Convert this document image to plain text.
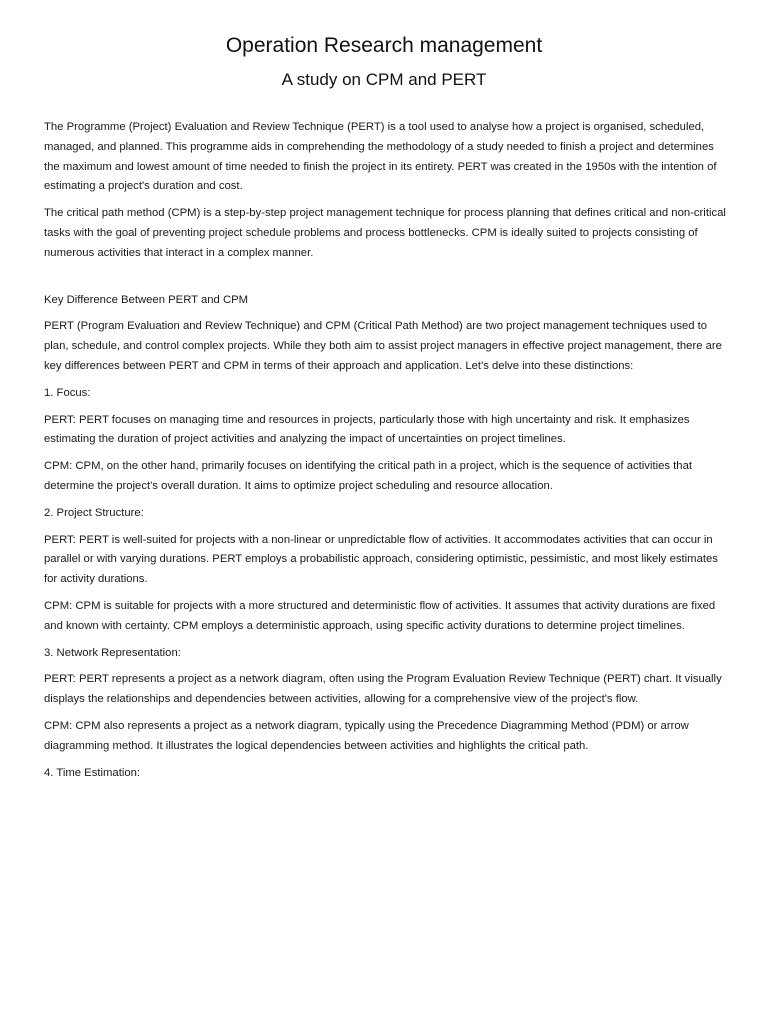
Operation Research management
A study on CPM and PERT

The Programme (Project) Evaluation and Review Technique (PERT) is a tool used to analyse how a project is organised, scheduled, managed, and planned. This programme aids in comprehending the methodology of a study needed to finish a project and determines the maximum and lowest amount of time needed to finish the project in its entirety. PERT was created in the 1950s with the intention of estimating a project's duration and cost.

The critical path method (CPM) is a step-by-step project management technique for process planning that defines critical and non-critical tasks with the goal of preventing project schedule problems and process bottlenecks. CPM is ideally suited to projects consisting of numerous activities that interact in a complex manner.

Key Difference Between PERT and CPM

PERT (Program Evaluation and Review Technique) and CPM (Critical Path Method) are two project management techniques used to plan, schedule, and control complex projects. While they both aim to assist project managers in effective project management, there are key differences between PERT and CPM in terms of their approach and application. Let's delve into these distinctions:

1. Focus:

PERT: PERT focuses on managing time and resources in projects, particularly those with high uncertainty and risk. It emphasizes estimating the duration of project activities and analyzing the impact of uncertainties on project timelines.

CPM: CPM, on the other hand, primarily focuses on identifying the critical path in a project, which is the sequence of activities that determine the project's overall duration. It aims to optimize project scheduling and resource allocation.

2. Project Structure:

PERT: PERT is well-suited for projects with a non-linear or unpredictable flow of activities. It accommodates activities that can occur in parallel or with varying durations. PERT employs a probabilistic approach, considering optimistic, pessimistic, and most likely estimates for activity durations.

CPM: CPM is suitable for projects with a more structured and deterministic flow of activities. It assumes that activity durations are fixed and known with certainty. CPM employs a deterministic approach, using specific activity durations to determine project timelines.

3. Network Representation:

PERT: PERT represents a project as a network diagram, often using the Program Evaluation Review Technique (PERT) chart. It visually displays the relationships and dependencies between activities, allowing for a comprehensive view of the project's flow.

CPM: CPM also represents a project as a network diagram, typically using the Precedence Diagramming Method (PDM) or arrow diagramming method. It illustrates the logical dependencies between activities and highlights the critical path.

4. Time Estimation:
